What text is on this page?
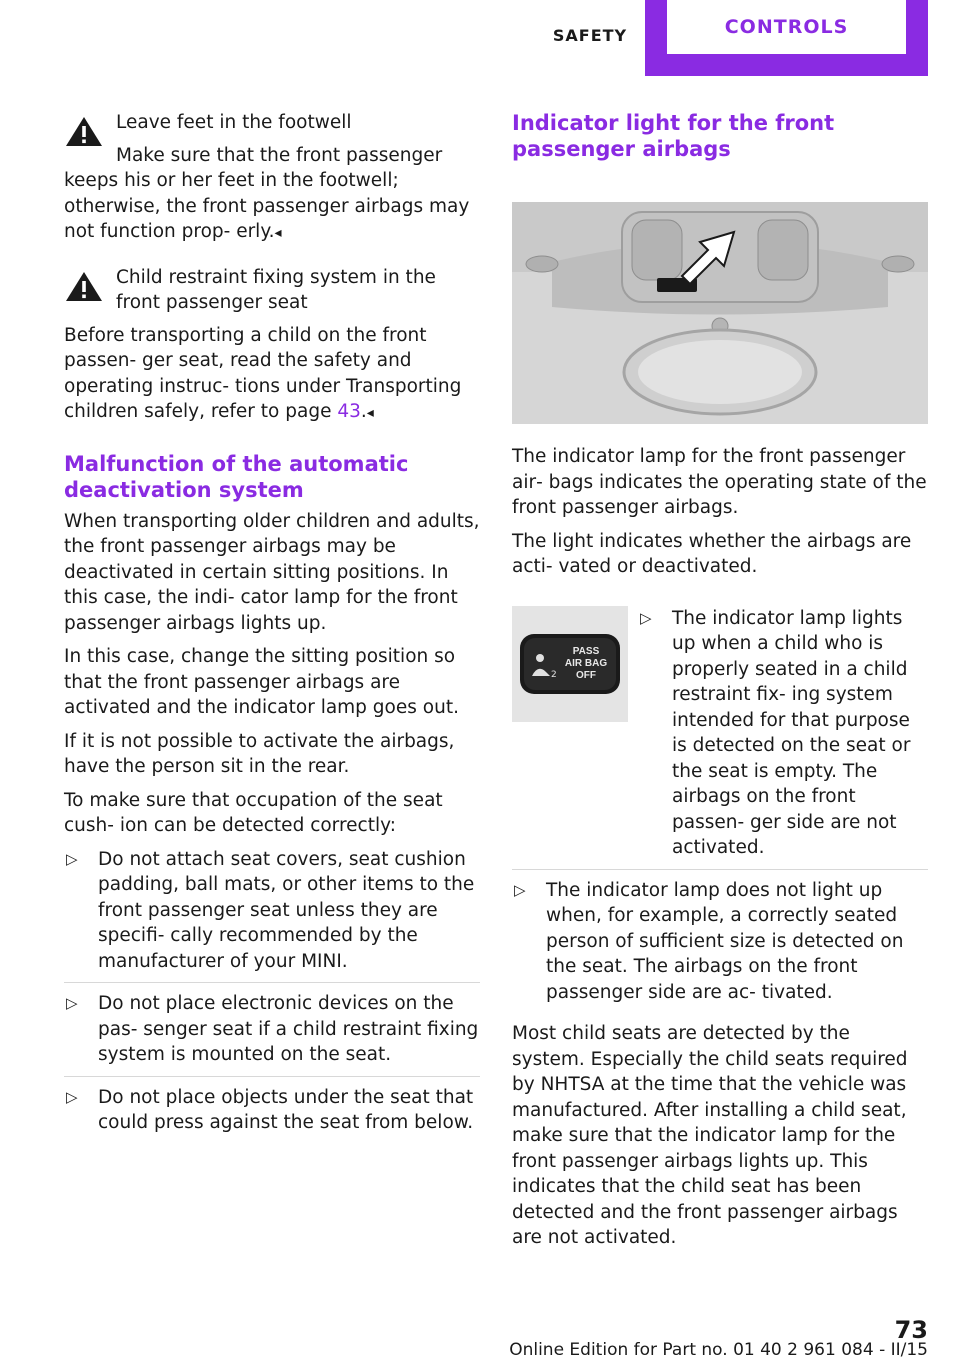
SAFETY	CONTROLS
Leave feet in the footwell
Make sure that the front passenger keeps his or her feet in the footwell; otherwise, the front passenger airbags may not function prop‐ erly.◂
Child restraint fixing system in the front passenger seat
Before transporting a child on the front passen‐ ger seat, read the safety and operating instruc‐ tions under Transporting children safely, refer to page 43.◂
Malfunction of the automatic deactivation system

When transporting older children and adults, the front passenger airbags may be deactivated in certain sitting positions. In this case, the indi‐ cator lamp for the front passenger airbags lights up.

In this case, change the sitting position so that the front passenger airbags are activated and the indicator lamp goes out.

If it is not possible to activate the airbags, have the person sit in the rear.

To make sure that occupation of the seat cush‐ ion can be detected correctly:

▷ Do not attach seat covers, seat cushion padding, ball mats, or other items to the front passenger seat unless they are specifi‐ cally recommended by the manufacturer of your MINI.
▷ Do not place electronic devices on the pas‐ senger seat if a child restraint fixing system is mounted on the seat.
▷ Do not place objects under the seat that could press against the seat from below.
Indicator light for the front passenger airbags

The indicator lamp for the front passenger air‐ bags indicates the operating state of the front passenger airbags.

The light indicates whether the airbags are acti‐ vated or deactivated.

2
PASS
AIR BAG
OFF
▷ The indicator lamp lights up when a child who is properly seated in a child restraint fix‐ ing system intended for that purpose is detected on the seat or the seat is empty. The airbags on the front passen‐ ger side are not activated.
▷ The indicator lamp does not light up when, for example, a correctly seated person of sufficient size is detected on the seat. The airbags on the front passenger side are ac‐ tivated.

Most child seats are detected by the system. Especially the child seats required by NHTSA at the time that the vehicle was manufactured. After installing a child seat, make sure that the indicator lamp for the front passenger airbags lights up. This indicates that the child seat has been detected and the front passenger airbags are not activated.

73
Online Edition for Part no. 01 40 2 961 084 - II/15
